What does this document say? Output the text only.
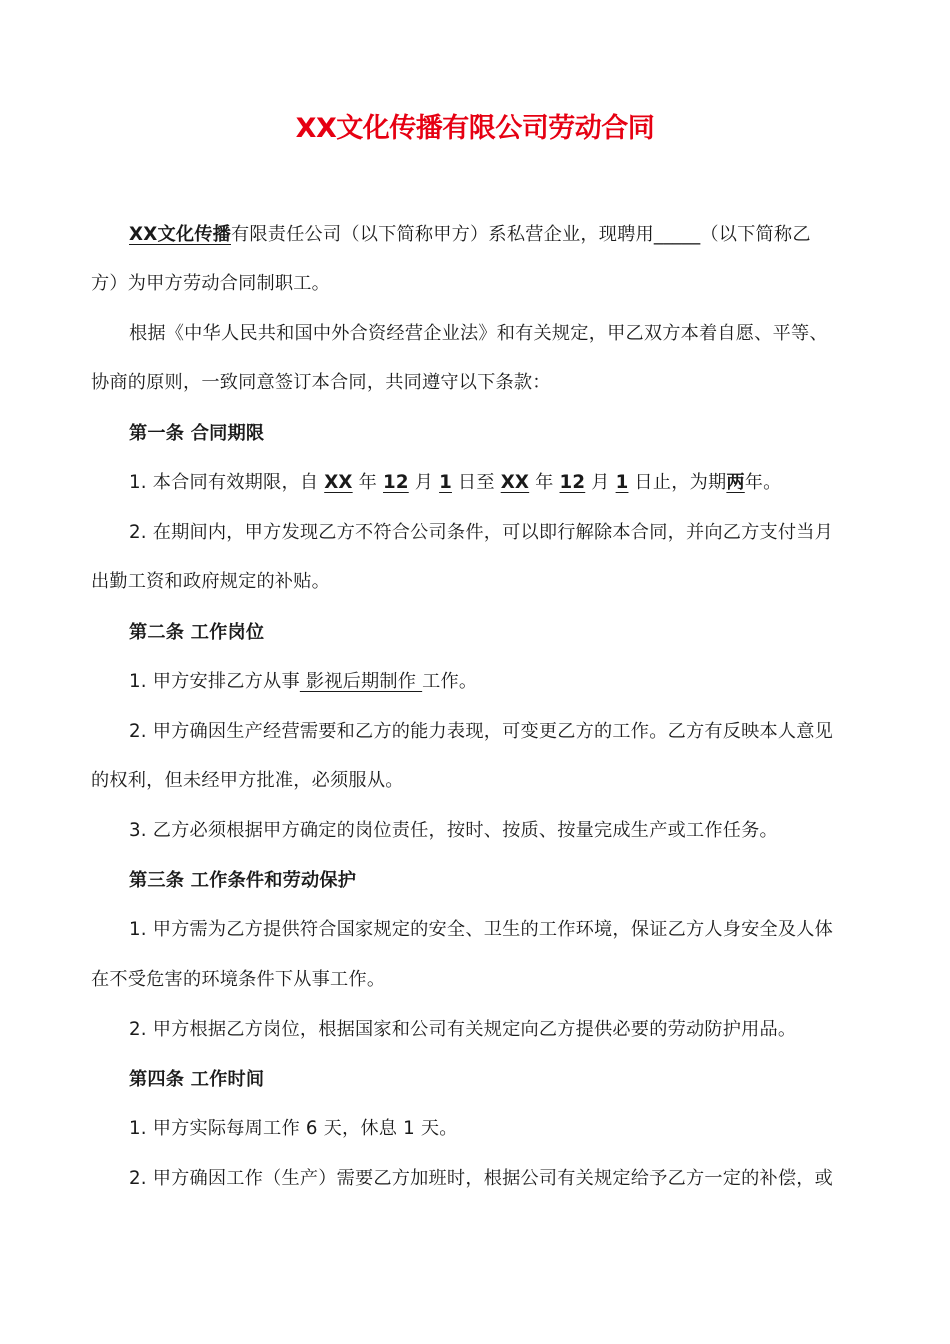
XX文化传播有限公司劳动合同
XX文化传播有限责任公司（以下简称甲方）系私营企业，现聘用_____（以下简称乙
方）为甲方劳动合同制职工。
根据《中华人民共和国中外合资经营企业法》和有关规定，甲乙双方本着自愿、平等、
协商的原则，一致同意签订本合同，共同遵守以下条款：
第一条 合同期限
1. 本合同有效期限，自 XX 年 12 月 1 日至 XX 年 12 月 1 日止，为期两年。
2. 在期间内，甲方发现乙方不符合公司条件，可以即行解除本合同，并向乙方支付当月
出勤工资和政府规定的补贴。
第二条 工作岗位
1. 甲方安排乙方从事 影视后期制作 工作。
2. 甲方确因生产经营需要和乙方的能力表现，可变更乙方的工作。乙方有反映本人意见
的权利，但未经甲方批准，必须服从。
3. 乙方必须根据甲方确定的岗位责任，按时、按质、按量完成生产或工作任务。
第三条 工作条件和劳动保护
1. 甲方需为乙方提供符合国家规定的安全、卫生的工作环境，保证乙方人身安全及人体
在不受危害的环境条件下从事工作。
2. 甲方根据乙方岗位，根据国家和公司有关规定向乙方提供必要的劳动防护用品。
第四条 工作时间
1. 甲方实际每周工作 6 天，休息 1 天。
2. 甲方确因工作（生产）需要乙方加班时，根据公司有关规定给予乙方一定的补偿，或
